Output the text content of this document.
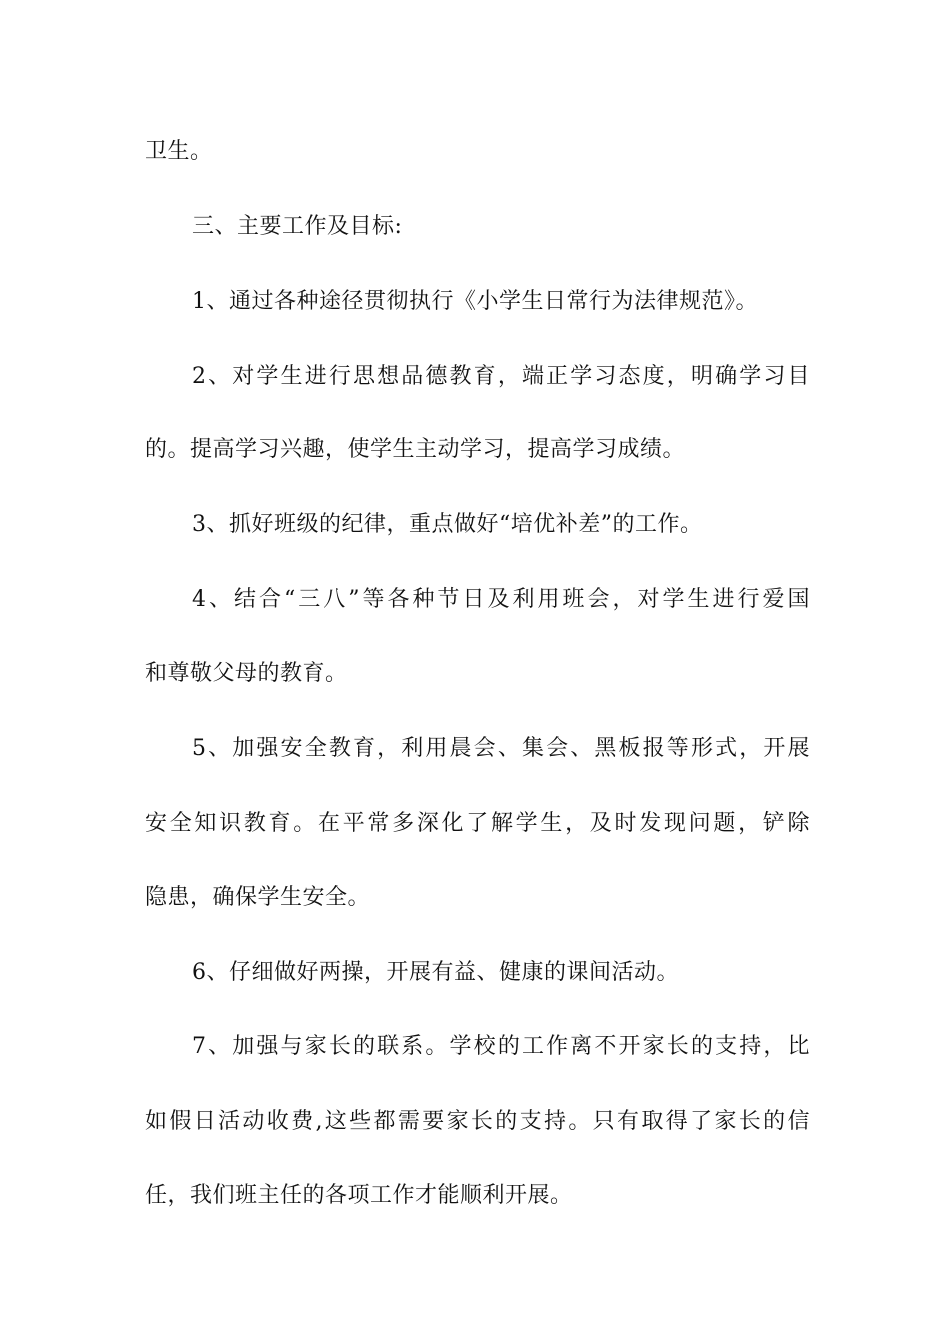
卫生。
三、主要工作及目标:
1、通过各种途径贯彻执行《小学生日常行为法律规范》。
2、对学生进行思想品德教育，端正学习态度，明确学习目
的。提高学习兴趣，使学生主动学习，提高学习成绩。
3、抓好班级的纪律，重点做好“培优补差”的工作。
4、结合“三八”等各种节日及利用班会，对学生进行爱国
和尊敬父母的教育。
5、加强安全教育，利用晨会、集会、黑板报等形式，开展
安全知识教育。在平常多深化了解学生，及时发现问题，铲除
隐患，确保学生安全。
6、仔细做好两操，开展有益、健康的课间活动。
7、加强与家长的联系。学校的工作离不开家长的支持，比
如假日活动收费,这些都需要家长的支持。只有取得了家长的信
任，我们班主任的各项工作才能顺利开展。
